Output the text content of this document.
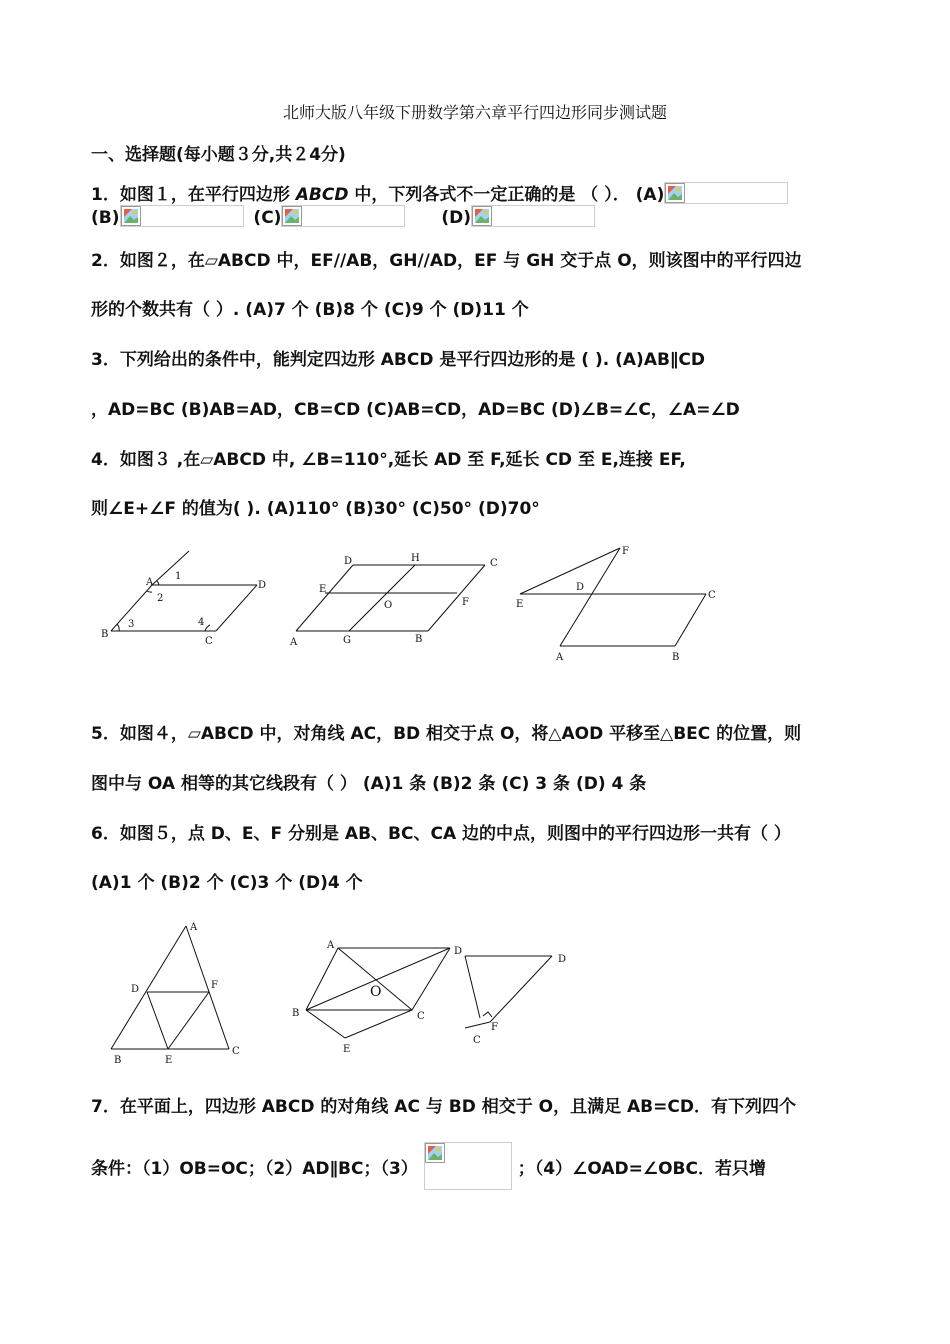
北师大版八年级下册数学第六章平行四边形同步测试题
一、选择题(每小题３分,共２4分)
1．如图１，在平行四边形 ABCD 中，下列各式不一定正确的是 （ ）． (A)
(B)	(C)	(D)
2．如图２，在▱ABCD 中，EF//AB，GH//AD，EF 与 GH 交于点 O，则该图中的平行四边
形的个数共有（ ）. (A)7 个 (B)8 个 (C)9 个 (D)11 个
3．下列给出的条件中，能判定四边形 ABCD 是平行四边形的是 ( ). (A)AB∥CD
，AD=BC (B)AB=AD，CB=CD (C)AB=CD，AD=BC (D)∠B=∠C，∠A=∠D
4．如图３ ,在▱ABCD 中, ∠B=110°,延长 AD 至 F,延长 CD 至 E,连接 EF,
则∠E+∠F 的值为( ). (A)110° (B)30° (C)50° (D)70°
A
1
2
D
B
3	4
C
D	H	C
E
O	F
A	G	B
F
D
E
C
A	B
5．如图４，▱ABCD 中，对角线 AC，BD 相交于点 O，将△AOD 平移至△BEC 的位置，则
图中与 OA 相等的其它线段有（ ） (A)1 条 (B)2 条 (C) 3 条 (D) 4 条
6．如图５，点 D、E、F 分别是 AB、BC、CA 边的中点，则图中的平行四边形一共有（ ）
(A)1 个 (B)2 个 (C)3 个 (D)4 个
A
D	F
B	E
C
A
D
O
B	C
E
D
F
C
7．在平面上，四边形 ABCD 的对角线 AC 与 BD 相交于 O，且满足 AB=CD．有下列四个
条件：（1）OB=OC；（2）AD∥BC；（3）	；（4）∠OAD=∠OBC．若只增
